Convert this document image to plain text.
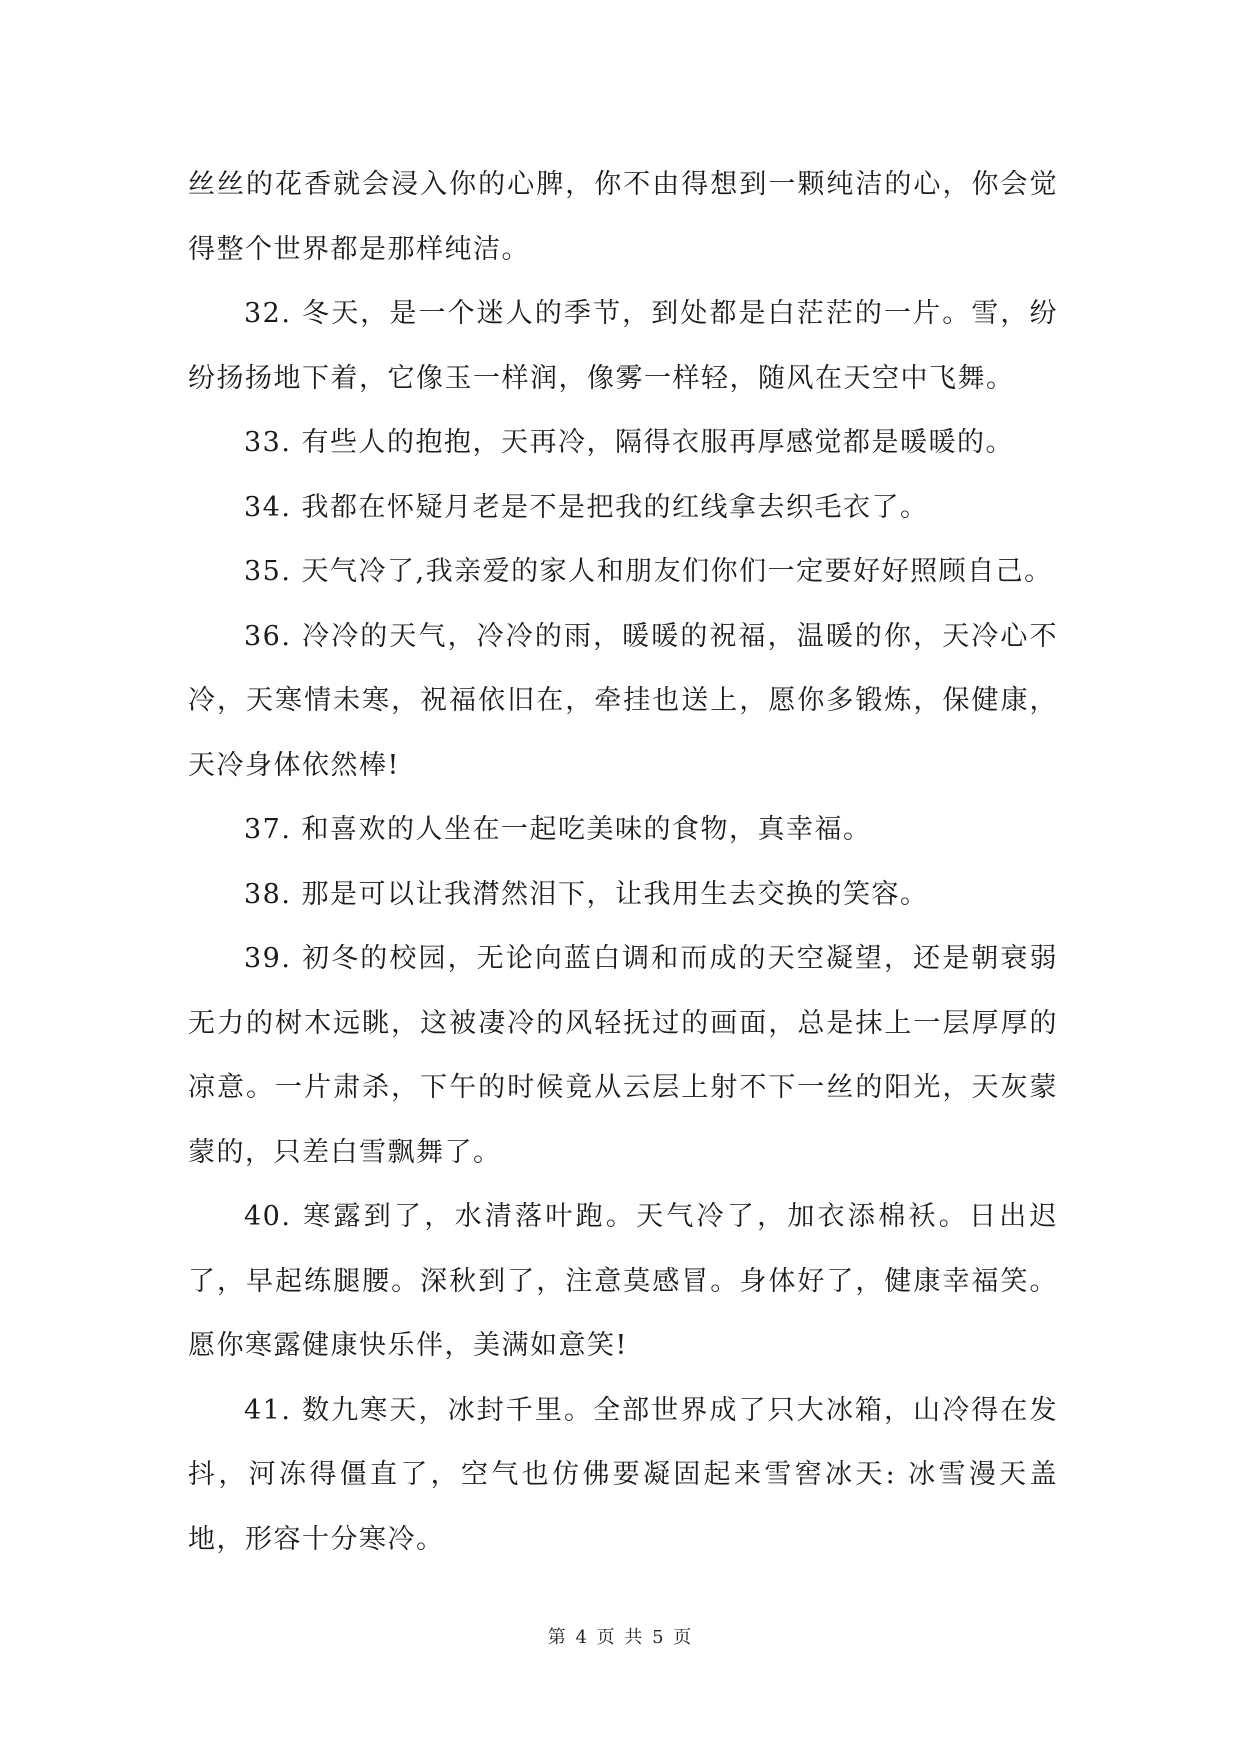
丝丝的花香就会浸入你的心脾，你不由得想到一颗纯洁的心，你会觉得整个世界都是那样纯洁。

32. 冬天，是一个迷人的季节，到处都是白茫茫的一片。雪，纷纷扬扬地下着，它像玉一样润，像雾一样轻，随风在天空中飞舞。

33. 有些人的抱抱，天再冷，隔得衣服再厚感觉都是暖暖的。

34. 我都在怀疑月老是不是把我的红线拿去织毛衣了。

35. 天气冷了,我亲爱的家人和朋友们你们一定要好好照顾自己。

36. 冷冷的天气，冷冷的雨，暖暖的祝福，温暖的你，天冷心不冷，天寒情未寒，祝福依旧在，牵挂也送上，愿你多锻炼，保健康，天冷身体依然棒!

37. 和喜欢的人坐在一起吃美味的食物，真幸福。

38. 那是可以让我潸然泪下，让我用生去交换的笑容。

39. 初冬的校园，无论向蓝白调和而成的天空凝望，还是朝衰弱无力的树木远眺，这被凄冷的风轻抚过的画面，总是抹上一层厚厚的凉意。一片肃杀，下午的时候竟从云层上射不下一丝的阳光，天灰蒙蒙的，只差白雪飘舞了。

40. 寒露到了，水清落叶跑。天气冷了，加衣添棉袄。日出迟了，早起练腿腰。深秋到了，注意莫感冒。身体好了，健康幸福笑。愿你寒露健康快乐伴，美满如意笑!

41. 数九寒天，冰封千里。全部世界成了只大冰箱，山冷得在发抖，河冻得僵直了，空气也仿佛要凝固起来雪窖冰天: 冰雪漫天盖地，形容十分寒冷。

第 4 页 共 5 页
